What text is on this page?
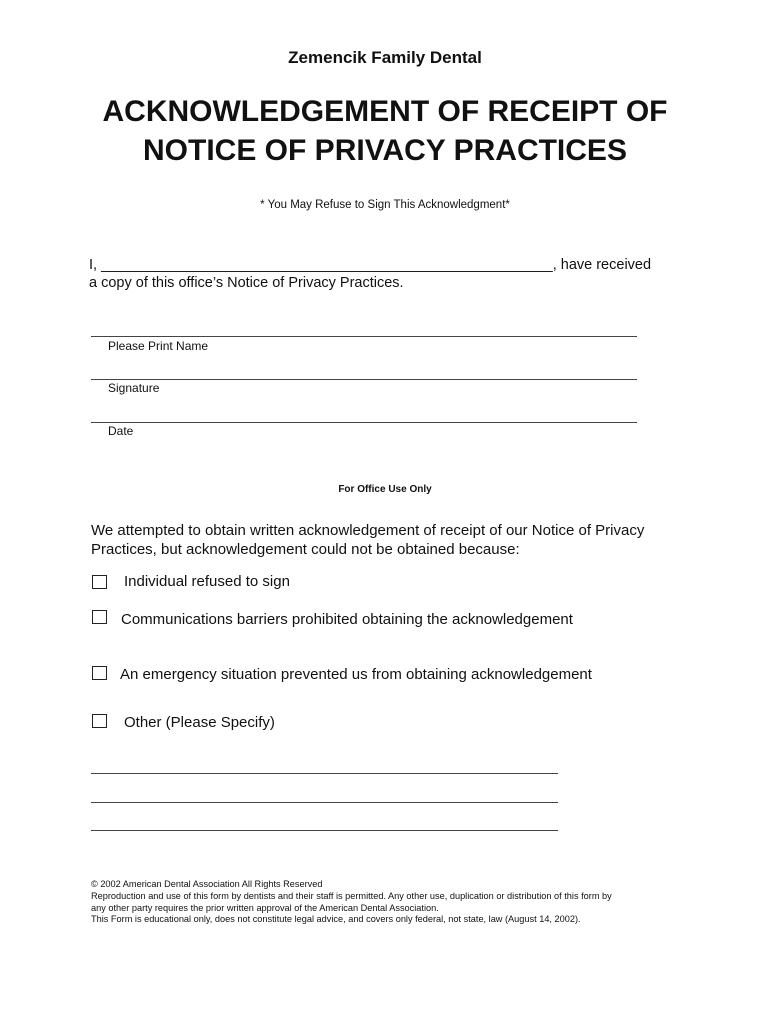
Zemencik Family Dental
ACKNOWLEDGEMENT OF RECEIPT OF
NOTICE OF PRIVACY PRACTICES
* You May Refuse to Sign This Acknowledgment*
I, ________________________________________________________, have received
a copy of this office’s Notice of Privacy Practices.
Please Print Name
Signature
Date
For Office Use Only
We attempted to obtain written acknowledgement of receipt of our Notice of Privacy
Practices, but acknowledgement could not be obtained because:
Individual refused to sign
Communications barriers prohibited obtaining the acknowledgement
An emergency situation prevented us from obtaining acknowledgement
Other (Please Specify)
© 2002 American Dental Association All Rights Reserved
Reproduction and use of this form by dentists and their staff is permitted. Any other use, duplication or distribution of this form by
any other party requires the prior written approval of the American Dental Association.
This Form is educational only, does not constitute legal advice, and covers only federal, not state, law (August 14, 2002).
